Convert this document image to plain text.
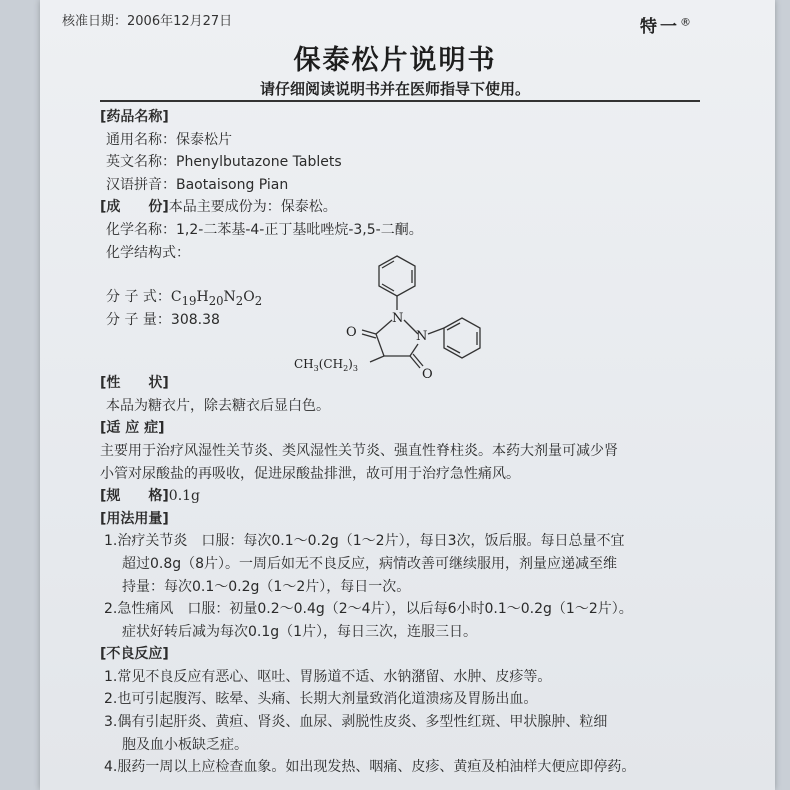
核准日期：2006年12月27日	特一®
保泰松片说明书
请仔细阅读说明书并在医师指导下使用。
[药品名称]
通用名称：保泰松片
英文名称：Phenylbutazone Tablets
汉语拼音：Baotaisong Pian
[成　　份]本品主要成份为：保泰松。
化学名称：1,2-二苯基-4-正丁基吡唑烷-3,5-二酮。
化学结构式：
O
N
N
O
$CH_3(CH_2)_3$
分 子 式：$C_{19}H_{20}N_2O_2$
分 子 量：308.38
[性　　状]
本品为糖衣片，除去糖衣后显白色。
[适 应 症]
主要用于治疗风湿性关节炎、类风湿性关节炎、强直性脊柱炎。本药大剂量可减少肾
小管对尿酸盐的再吸收，促进尿酸盐排泄，故可用于治疗急性痛风。
[规　　格]0.1g
[用法用量]
1.治疗关节炎　口服：每次0.1～0.2g（1～2片），每日3次，饭后服。每日总量不宜
超过0.8g（8片）。一周后如无不良反应，病情改善可继续服用，剂量应递减至维
持量：每次0.1～0.2g（1～2片），每日一次。
2.急性痛风　口服：初量0.2～0.4g（2～4片），以后每6小时0.1～0.2g（1～2片）。
症状好转后减为每次0.1g（1片），每日三次，连服三日。
[不良反应]
1.常见不良反应有恶心、呕吐、胃肠道不适、水钠潴留、水肿、皮疹等。
2.也可引起腹泻、眩晕、头痛、长期大剂量致消化道溃疡及胃肠出血。
3.偶有引起肝炎、黄疸、肾炎、血尿、剥脱性皮炎、多型性红斑、甲状腺肿、粒细
胞及血小板缺乏症。
4.服药一周以上应检查血象。如出现发热、咽痛、皮疹、黄疸及柏油样大便应即停药。
